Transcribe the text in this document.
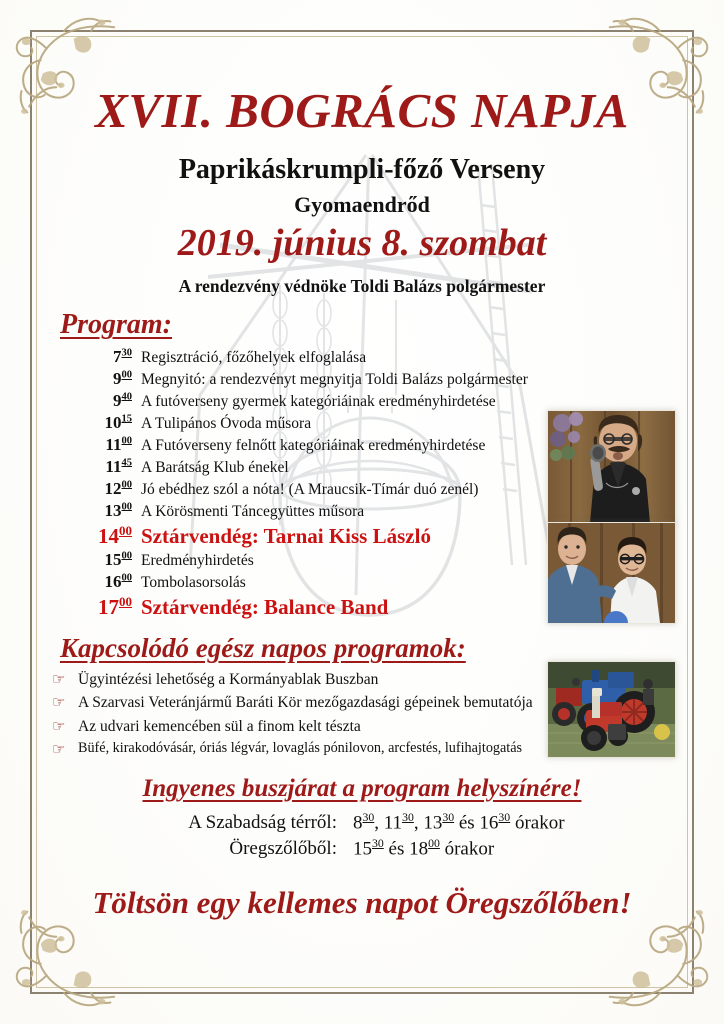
XVII. BOGRÁCS NAPJA
Paprikáskrumpli-főző Verseny
Gyomaendrőd
2019. június 8. szombat
A rendezvény védnöke Toldi Balázs polgármester
Program:
$7^{30}$ Regisztráció, főzőhelyek elfoglalása
$9^{00}$ Megnyitó: a rendezvényt megnyitja Toldi Balázs polgármester
$9^{40}$ A futóverseny gyermek kategóriáinak eredményhirdetése
$10^{15}$ A Tulipános Óvoda műsora
$11^{00}$ A Futóverseny felnőtt kategóriáinak eredményhirdetése
$11^{45}$ A Barátság Klub énekel
$12^{00}$ Jó ebédhez szól a nóta! (A Mraucsik-Tímár duó zenél)
$13^{00}$ A Körösmenti Táncegyüttes műsora
$14^{00}$ Sztárvendég: Tarnai Kiss László
$15^{00}$ Eredményhirdetés
$16^{00}$ Tombolasorsolás
$17^{00}$ Sztárvendég: Balance Band
Kapcsolódó egész napos programok:
☞ Ügyintézési lehetőség a Kormányablak Buszban
☞ A Szarvasi Veteránjármű Baráti Kör mezőgazdasági gépeinek bemutatója
☞ Az udvari kemencében sül a finom kelt tészta
☞ Büfé, kirakodóvásár, óriás légvár, lovaglás pónilovon, arcfestés, lufihajtogatás
Ingyenes buszjárat a program helyszínére!
A Szabadság térről: $8^{30}$, $11^{30}$, $13^{30}$ és $16^{30}$ órakor
Öregszőlőből: $15^{30}$ és $18^{00}$ órakor
Töltsön egy kellemes napot Öregszőlőben!
